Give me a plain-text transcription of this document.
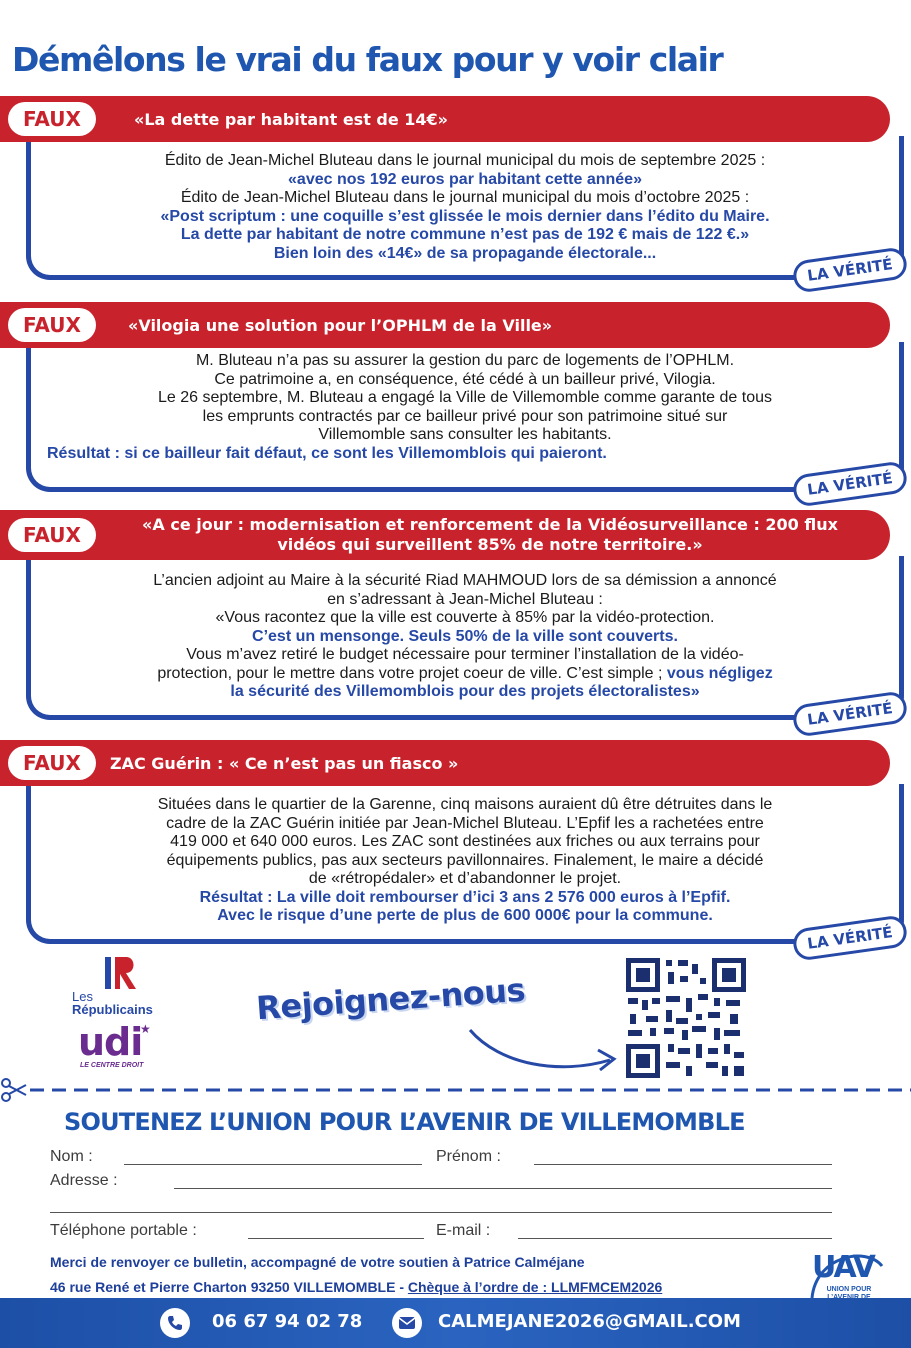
Démêlons le vrai du faux pour y voir clair

Édito de Jean-Michel Bluteau dans le journal municipal du mois de septembre 2025 :

«avec nos 192 euros par habitant cette année»

Édito de Jean-Michel Bluteau dans le journal municipal du mois d’octobre 2025 :

«Post scriptum : une coquille s’est glissée le mois dernier dans l’édito du Maire.

La dette par habitant de notre commune n’est pas de 192 € mais de 122 €.»

Bien loin des «14€» de sa propagande électorale...

FAUX	«La dette par habitant est de 14€»
LA VÉRITÉ

M. Bluteau n’a pas su assurer la gestion du parc de logements de l’OPHLM.

Ce patrimoine a, en conséquence, été cédé à un bailleur privé, Vilogia.

Le 26 septembre, M. Bluteau a engagé la Ville de Villemomble comme garante de tous

les emprunts contractés par ce bailleur privé pour son patrimoine situé sur

Villemomble sans consulter les habitants.

Résultat : si ce bailleur fait défaut, ce sont les Villemomblois qui paieront.

FAUX	«Vilogia une solution pour l’OPHLM de la Ville»
LA VÉRITÉ

L’ancien adjoint au Maire à la sécurité Riad MAHMOUD lors de sa démission a annoncé

en s’adressant à Jean-Michel Bluteau :

«Vous racontez que la ville est couverte à 85% par la vidéo-protection.

C’est un mensonge. Seuls 50% de la ville sont couverts.

Vous m’avez retiré le budget nécessaire pour terminer l’installation de la vidéo-

protection, pour le mettre dans votre projet coeur de ville. C’est simple ; vous négligez

la sécurité des Villemomblois pour des projets électoralistes»

FAUX	«A ce jour : modernisation et renforcement de la Vidéosurveillance : 200 flux
vidéos qui surveillent 85% de notre territoire.»
LA VÉRITÉ

Situées dans le quartier de la Garenne, cinq maisons auraient dû être détruites dans le

cadre de la ZAC Guérin initiée par Jean-Michel Bluteau. L’Epfif les a rachetées entre

419 000 et 640 000 euros. Les ZAC sont destinées aux friches ou aux terrains pour

équipements publics, pas aux secteurs pavillonnaires. Finalement, le maire a décidé

de «rétropédaler» et d’abandonner le projet.

Résultat : La ville doit rembourser d’ici 3 ans 2 576 000 euros à l’Epfif.

Avec le risque d’une perte de plus de 600 000€ pour la commune.

FAUX	ZAC Guérin : « Ce n’est pas un fiasco »
LA VÉRITÉ
Les
Républicains
udi
★
LE CENTRE DROIT
Rejoignez-nous
SOUTENEZ L’UNION POUR L’AVENIR DE VILLEMOMBLE
Nom :	Prénom :
Adresse :
Téléphone portable :	E-mail :
Merci de renvoyer ce bulletin, accompagné de votre soutien à Patrice Calméjane
46 rue René et Pierre Charton 93250 VILLEMOMBLE - Chèque à l’ordre de : LLMFMCEM2026
UAV
UNION POUR
06 67 94 02 78	CALMEJANE2026@GMAIL.COM
